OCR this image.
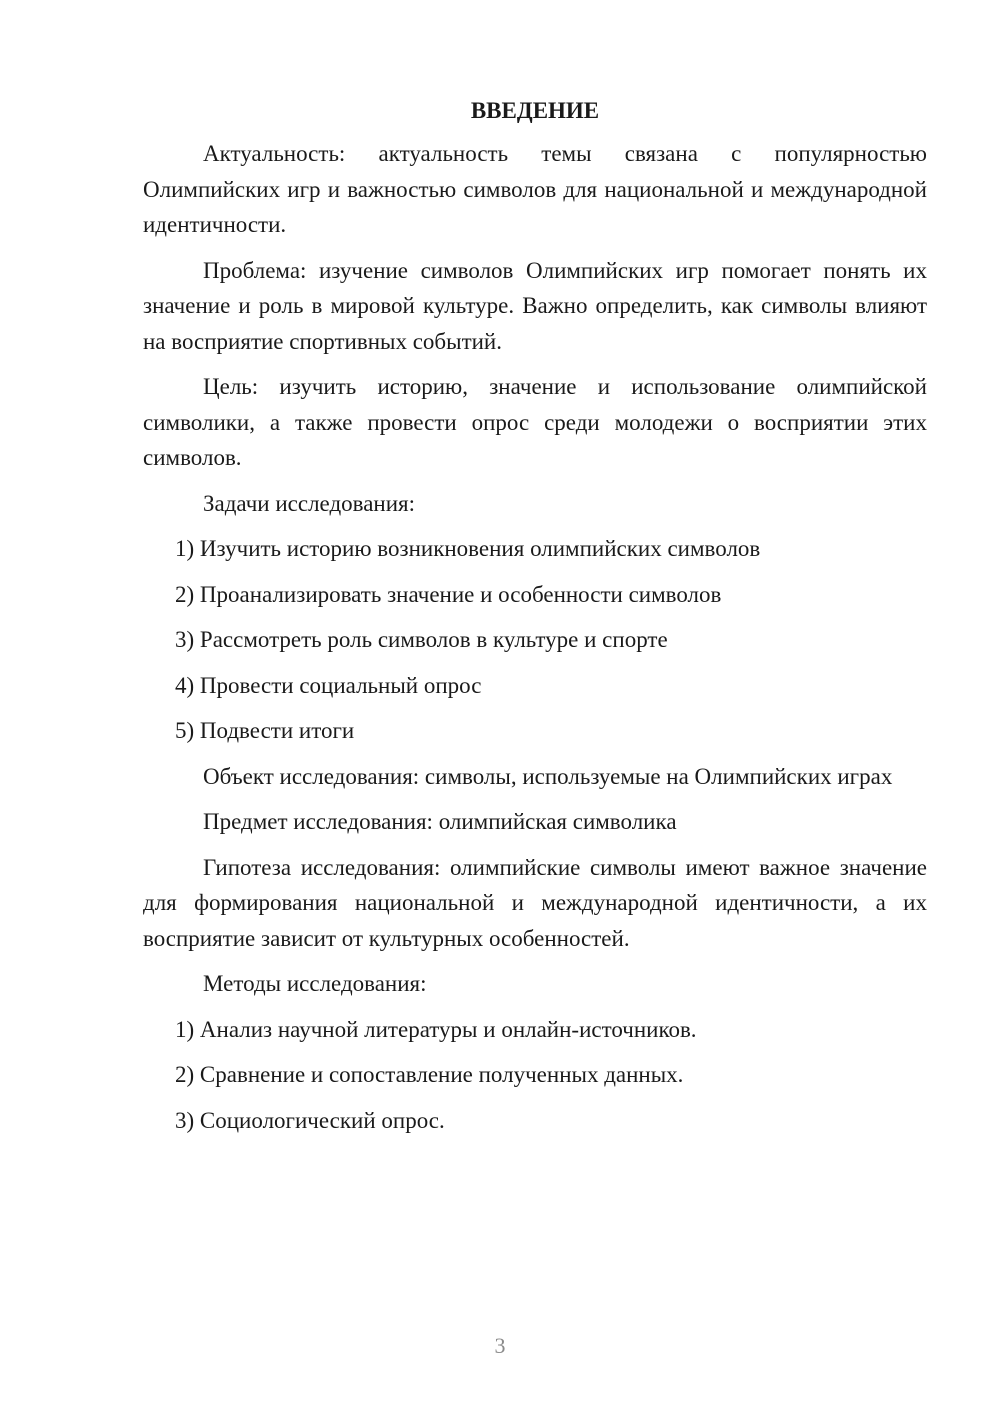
ВВЕДЕНИЕ

Актуальность: актуальность темы связана с популярностью Олимпийских игр и важностью символов для национальной и международной идентичности.

Проблема: изучение символов Олимпийских игр помогает понять их значение и роль в мировой культуре. Важно определить, как символы влияют на восприятие спортивных событий.

Цель: изучить историю, значение и использование олимпийской символики, а также провести опрос среди молодежи о восприятии этих символов.

Задачи исследования:

1) Изучить историю возникновения олимпийских символов
2) Проанализировать значение и особенности символов
3) Рассмотреть роль символов в культуре и спорте
4) Провести социальный опрос
5) Подвести итоги

Объект исследования: символы, используемые на Олимпийских играх

Предмет исследования: олимпийская символика

Гипотеза исследования: олимпийские символы имеют важное значение для формирования национальной и международной идентичности, а их восприятие зависит от культурных особенностей.

Методы исследования:

1) Анализ научной литературы и онлайн-источников.
2) Сравнение и сопоставление полученных данных.
3) Социологический опрос.
3
